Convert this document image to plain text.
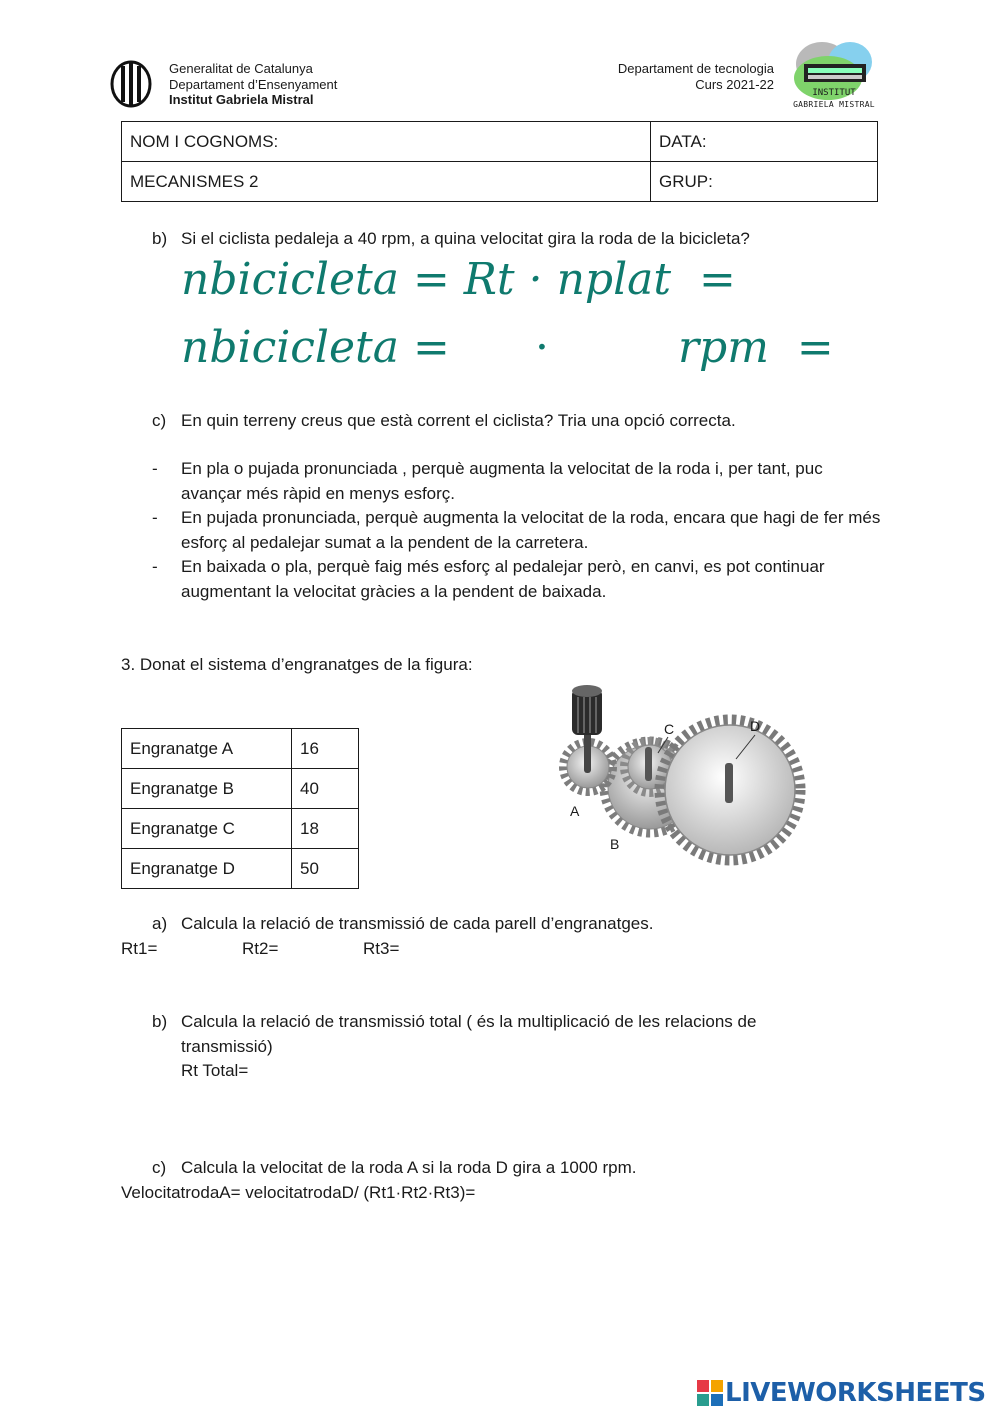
Generalitat de Catalunya
Departament d’Ensenyament
Institut Gabriela Mistral
Departament de tecnologia
Curs 2021-22
INSTITUT
GABRIELA MISTRAL
NOM I COGNOMS:	DATA:
MECANISMES 2	GRUP:
b) Si el ciclista pedaleja a 40 rpm, a quina velocitat gira la roda de la bicicleta?
nbicicleta = Rt · nplat  =
nbicicleta = ·	rpm  =
c) En quin terreny creus que està corrent el ciclista? Tria una opció correcta.
- En pla o pujada pronunciada , perquè augmenta la velocitat de la roda i, per tant, puc avançar més ràpid en menys esforç.
- En pujada pronunciada, perquè augmenta la velocitat de la roda, encara que hagi de fer més esforç al pedalejar sumat a la pendent de la carretera.
- En baixada o pla, perquè faig més esforç al pedalejar però, en canvi, es pot continuar augmentant la velocitat gràcies a la pendent de baixada.
3. Donat el sistema d’engranatges de la figura:
Engranatge A	16
Engranatge B	40
Engranatge C	18
Engranatge D	50
A
B
C	D
a) Calcula la relació de transmissió de cada parell d’engranatges.
Rt1=	Rt2=	Rt3=
b) Calcula la relació de transmissió total ( és la multiplicació de les relacions de transmissió)
Rt Total=
c) Calcula la velocitat de la roda A si la roda D gira a 1000 rpm.
VelocitatrodaA= velocitatrodaD/ (Rt1·Rt2·Rt3)=
LIVEWORKSHEETS
